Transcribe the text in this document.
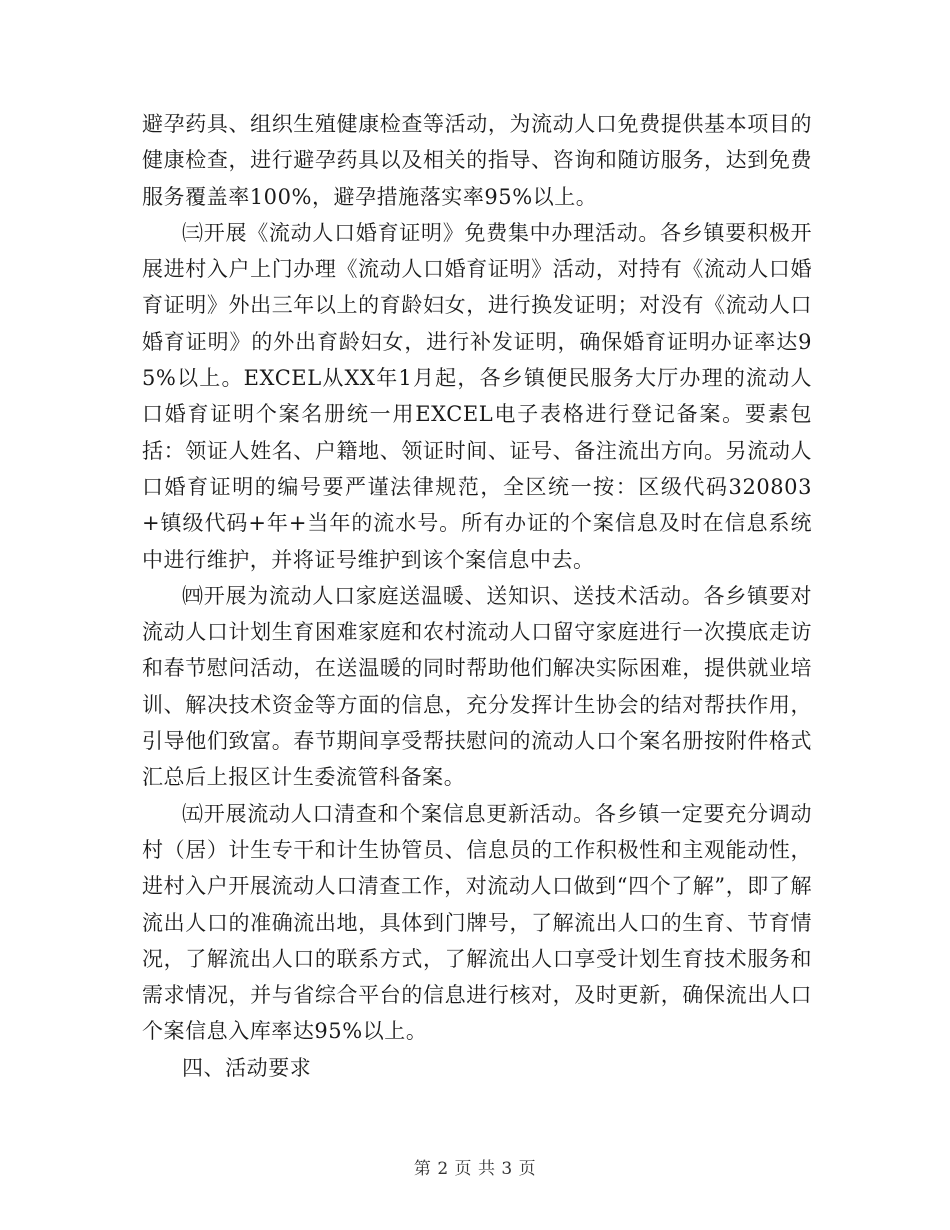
避孕药具、组织生殖健康检查等活动，为流动人口免费提供基本项目的健康检查，进行避孕药具以及相关的指导、咨询和随访服务，达到免费服务覆盖率100%，避孕措施落实率95%以上。

㈢开展《流动人口婚育证明》免费集中办理活动。各乡镇要积极开展进村入户上门办理《流动人口婚育证明》活动，对持有《流动人口婚育证明》外出三年以上的育龄妇女，进行换发证明；对没有《流动人口婚育证明》的外出育龄妇女，进行补发证明，确保婚育证明办证率达95%以上。EXCEL从XX年1月起，各乡镇便民服务大厅办理的流动人口婚育证明个案名册统一用EXCEL电子表格进行登记备案。要素包括：领证人姓名、户籍地、领证时间、证号、备注流出方向。另流动人口婚育证明的编号要严谨法律规范，全区统一按：区级代码320803+镇级代码+年+当年的流水号。所有办证的个案信息及时在信息系统中进行维护，并将证号维护到该个案信息中去。

㈣开展为流动人口家庭送温暖、送知识、送技术活动。各乡镇要对流动人口计划生育困难家庭和农村流动人口留守家庭进行一次摸底走访和春节慰问活动，在送温暖的同时帮助他们解决实际困难，提供就业培训、解决技术资金等方面的信息，充分发挥计生协会的结对帮扶作用，引导他们致富。春节期间享受帮扶慰问的流动人口个案名册按附件格式汇总后上报区计生委流管科备案。

㈤开展流动人口清查和个案信息更新活动。各乡镇一定要充分调动村（居）计生专干和计生协管员、信息员的工作积极性和主观能动性，进村入户开展流动人口清查工作，对流动人口做到“四个了解”，即了解流出人口的准确流出地，具体到门牌号，了解流出人口的生育、节育情况，了解流出人口的联系方式，了解流出人口享受计划生育技术服务和需求情况，并与省综合平台的信息进行核对，及时更新，确保流出人口个案信息入库率达95%以上。

四、活动要求

第 2 页 共 3 页
